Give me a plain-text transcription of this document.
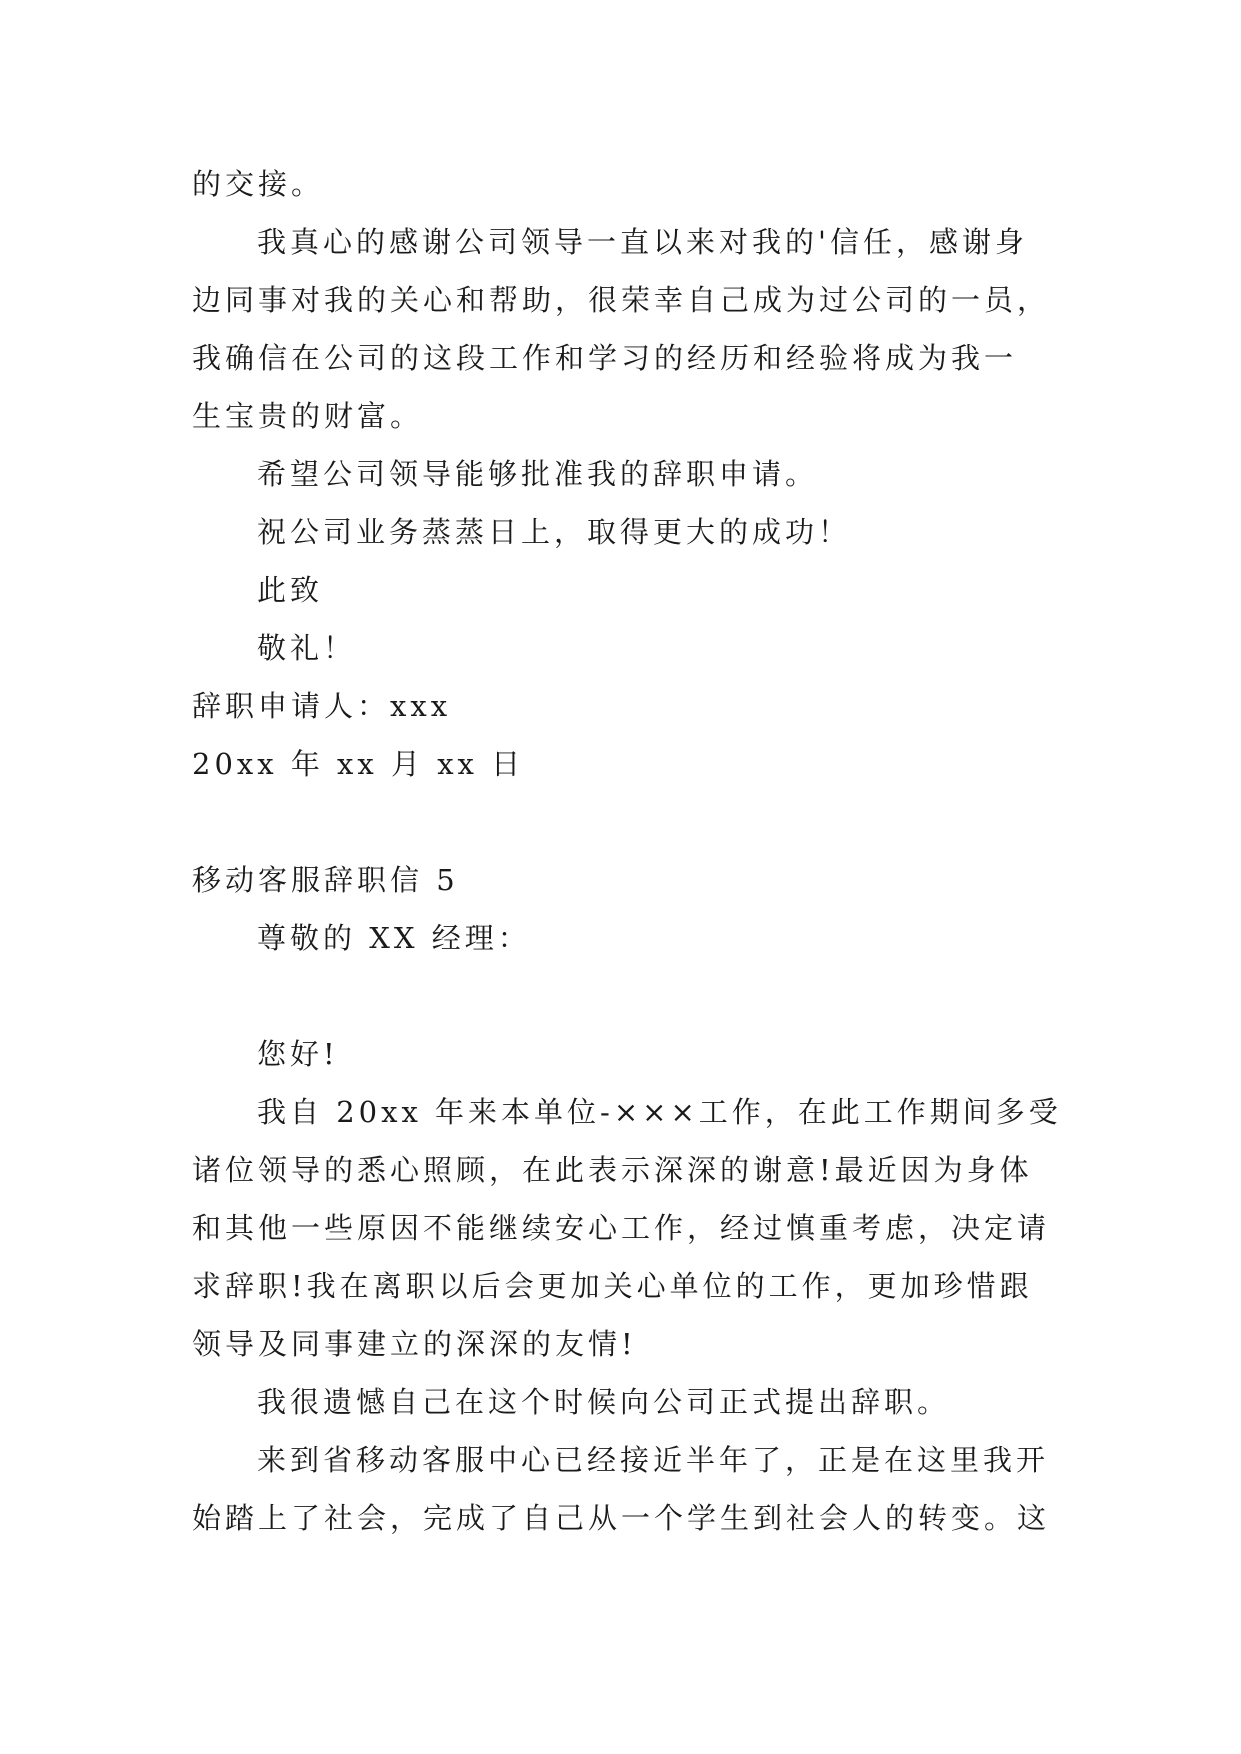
的交接。
我真心的感谢公司领导一直以来对我的'信任，感谢身
边同事对我的关心和帮助，很荣幸自己成为过公司的一员，
我确信在公司的这段工作和学习的经历和经验将成为我一
生宝贵的财富。
希望公司领导能够批准我的辞职申请。
祝公司业务蒸蒸日上，取得更大的成功！
此致
敬礼！
辞职申请人：xxx
20xx 年 xx 月 xx 日
移动客服辞职信 5
尊敬的 XX 经理：
您好!
我自 20xx 年来本单位-×××工作，在此工作期间多受
诸位领导的悉心照顾，在此表示深深的谢意!最近因为身体
和其他一些原因不能继续安心工作，经过慎重考虑，决定请
求辞职!我在离职以后会更加关心单位的工作，更加珍惜跟
领导及同事建立的深深的友情!
我很遗憾自己在这个时候向公司正式提出辞职。
来到省移动客服中心已经接近半年了，正是在这里我开
始踏上了社会，完成了自己从一个学生到社会人的转变。这
